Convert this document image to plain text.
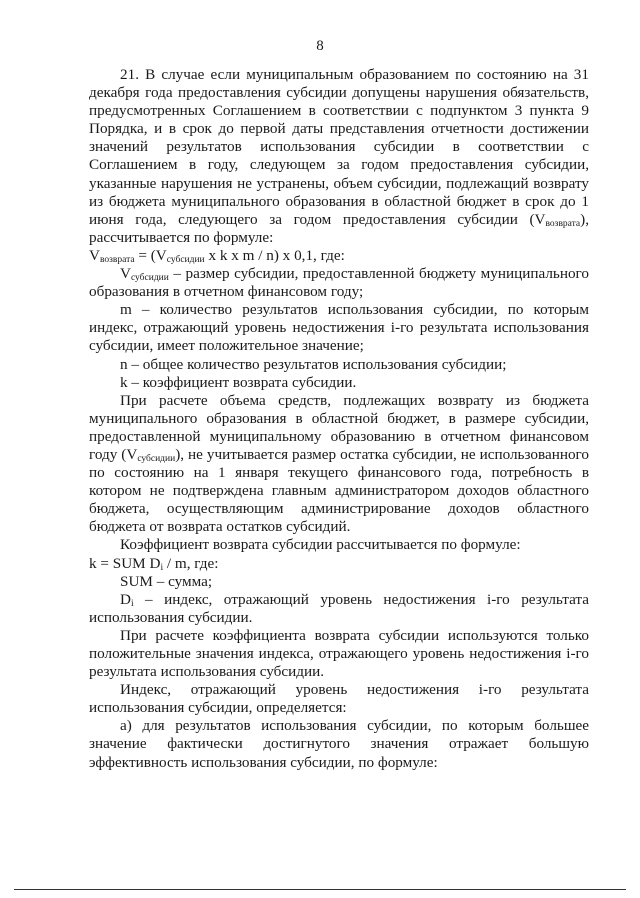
8

21. В случае если муниципальным образованием по состоянию на 31 декабря года предоставления субсидии допущены нарушения обязательств, предусмотренных Соглашением в соответствии с подпунктом 3 пункта 9 Порядка, и в срок до первой даты представления отчетности достижении значений результатов использования субсидии в соответствии с Соглашением в году, следующем за годом предоставления субсидии, указанные нарушения не устранены, объем субсидии, подлежащий возврату из бюджета муниципального образования в областной бюджет в срок до 1 июня года, следующего за годом предоставления субсидии $(V_{возврата})$, рассчитывается по формуле:

$V_{возврата} = (V_{субсидии}$ x k x m / n) x 0,1, где:

$V_{субсидии}$ – размер субсидии, предоставленной бюджету муниципального образования в отчетном финансовом году;

m – количество результатов использования субсидии, по которым индекс, отражающий уровень недостижения i-го результата использования субсидии, имеет положительное значение;

n – общее количество результатов использования субсидии;

k – коэффициент возврата субсидии.

При расчете объема средств, подлежащих возврату из бюджета муниципального образования в областной бюджет, в размере субсидии, предоставленной муниципальному образованию в отчетном финансовом году $(V_{субсидии})$, не учитывается размер остатка субсидии, не использованного по состоянию на 1 января текущего финансового года, потребность в котором не подтверждена главным администратором доходов областного бюджета, осуществляющим администрирование доходов областного бюджета от возврата остатков субсидий.

Коэффициент возврата субсидии рассчитывается по формуле:

k = SUM $D_i$ / m, где:

SUM – сумма;

$D_i$ – индекс, отражающий уровень недостижения i-го результата использования субсидии.

При расчете коэффициента возврата субсидии используются только положительные значения индекса, отражающего уровень недостижения i-го результата использования субсидии.

Индекс, отражающий уровень недостижения i-го результата использования субсидии, определяется:

а) для результатов использования субсидии, по которым большее значение фактически достигнутого значения отражает большую эффективность использования субсидии, по формуле:
